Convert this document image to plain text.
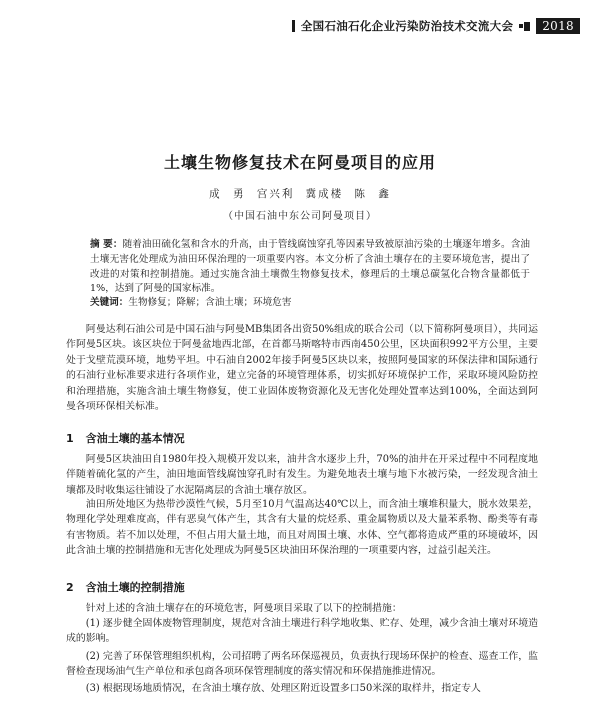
全国石油石化企业污染防治技术交流大会	2018
土壤生物修复技术在阿曼项目的应用
成 勇 宫兴利 冀成楼 陈 鑫
（中国石油中东公司阿曼项目）
摘 要：随着油田硫化氢和含水的升高，由于管线腐蚀穿孔等因素导致被原油污染的土壤逐年增多。含油土壤无害化处理成为油田环保治理的一项重要内容。本文分析了含油土壤存在的主要环境危害，提出了改进的对策和控制措施。通过实施含油土壤微生物修复技术，修理后的土壤总碳氢化合物含量都低于1%，达到了阿曼的国家标准。
关键词：生物修复；降解；含油土壤；环境危害
阿曼达利石油公司是中国石油与阿曼MB集团各出资50%组成的联合公司（以下简称阿曼项目），共同运作阿曼5区块。该区块位于阿曼盆地西北部，在首都马斯喀特市西南450公里，区块面积992平方公里，主要处于戈壁荒漠环境，地势平坦。中石油自2002年接手阿曼5区块以来，按照阿曼国家的环保法律和国际通行的石油行业标准要求进行各项作业，建立完备的环境管理体系，切实抓好环境保护工作，采取环境风险防控和治理措施，实施含油土壤生物修复，使工业固体废物资源化及无害化处理处置率达到100%，全面达到阿曼各项环保相关标准。
1 含油土壤的基本情况
阿曼5区块油田自1980年投入规模开发以来，油井含水逐步上升，70%的油井在开采过程中不同程度地伴随着硫化氢的产生，油田地面管线腐蚀穿孔时有发生。为避免地表土壤与地下水被污染，一经发现含油土壤都及时收集运往铺设了水泥隔离层的含油土壤存放区。
油田所处地区为热带沙漠性气候，5月至10月气温高达40℃以上，而含油土壤堆积量大，脱水效果差，物理化学处理难度高，伴有恶臭气体产生，其含有大量的烷烃系、重金属物质以及大量苯系物、酚类等有毒有害物质。若不加以处理，不但占用大量土地，而且对周围土壤、水体、空气都将造成严重的环境破坏，因此含油土壤的控制措施和无害化处理成为阿曼5区块油田环保治理的一项重要内容，过益引起关注。
2 含油土壤的控制措施
针对上述的含油土壤存在的环境危害，阿曼项目采取了以下的控制措施：
(1) 逐步健全固体废物管理制度，规范对含油土壤进行科学地收集、贮存、处理，减少含油土壤对环境造成的影响。
(2) 完善了环保管理组织机构，公司招聘了两名环保巡视员，负责执行现场环保护的检查、巡查工作，监督检查现场油气生产单位和承包商各项环保管理制度的落实情况和环保措施推进情况。
(3) 根据现场地质情况，在含油土壤存放、处理区附近设置多口50米深的取样井，指定专人
